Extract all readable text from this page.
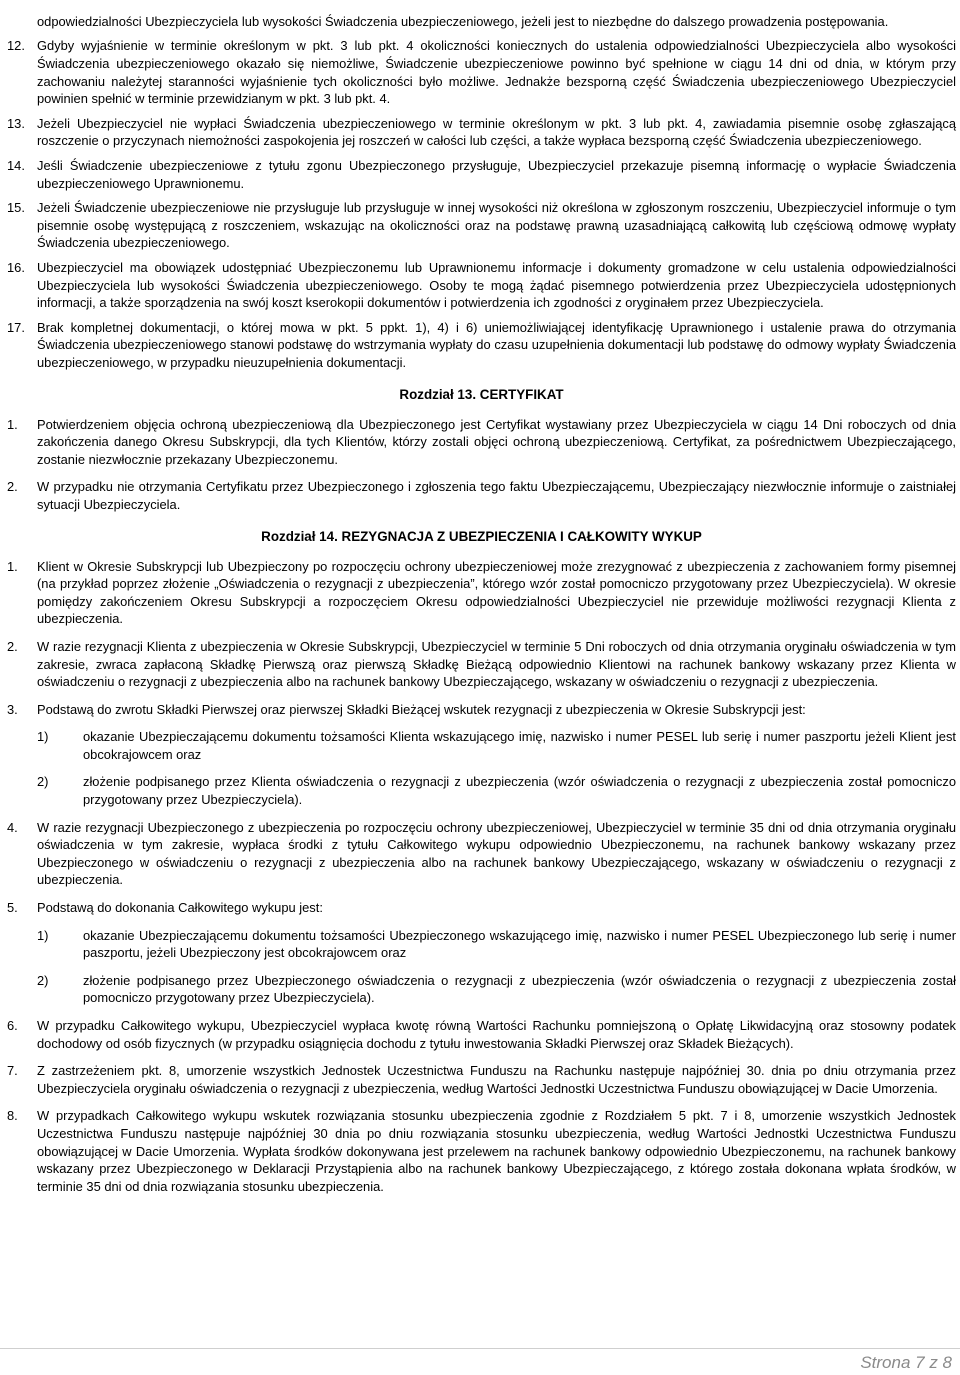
odpowiedzialności Ubezpieczyciela lub wysokości Świadczenia ubezpieczeniowego, jeżeli jest to niezbędne do dalszego prowadzenia postępowania.

12. Gdyby wyjaśnienie w terminie określonym w pkt. 3 lub pkt. 4 okoliczności koniecznych do ustalenia odpowiedzialności Ubezpieczyciela albo wysokości Świadczenia ubezpieczeniowego okazało się niemożliwe, Świadczenie ubezpieczeniowe powinno być spełnione w ciągu 14 dni od dnia, w którym przy zachowaniu należytej staranności wyjaśnienie tych okoliczności było możliwe. Jednakże bezsporną część Świadczenia ubezpieczeniowego Ubezpieczyciel powinien spełnić w terminie przewidzianym w pkt. 3 lub pkt. 4.
13. Jeżeli Ubezpieczyciel nie wypłaci Świadczenia ubezpieczeniowego w terminie określonym w pkt. 3 lub pkt. 4, zawiadamia pisemnie osobę zgłaszającą roszczenie o przyczynach niemożności zaspokojenia jej roszczeń w całości lub części, a także wypłaca bezsporną część Świadczenia ubezpieczeniowego.
14. Jeśli Świadczenie ubezpieczeniowe z tytułu zgonu Ubezpieczonego przysługuje, Ubezpieczyciel przekazuje pisemną informację o wypłacie Świadczenia ubezpieczeniowego Uprawnionemu.
15. Jeżeli Świadczenie ubezpieczeniowe nie przysługuje lub przysługuje w innej wysokości niż określona w zgłoszonym roszczeniu, Ubezpieczyciel informuje o tym pisemnie osobę występującą z roszczeniem, wskazując na okoliczności oraz na podstawę prawną uzasadniającą całkowitą lub częściową odmowę wypłaty Świadczenia ubezpieczeniowego.
16. Ubezpieczyciel ma obowiązek udostępniać Ubezpieczonemu lub Uprawnionemu informacje i dokumenty gromadzone w celu ustalenia odpowiedzialności Ubezpieczyciela lub wysokości Świadczenia ubezpieczeniowego. Osoby te mogą żądać pisemnego potwierdzenia przez Ubezpieczyciela udostępnionych informacji, a także sporządzenia na swój koszt kserokopii dokumentów i potwierdzenia ich zgodności z oryginałem przez Ubezpieczyciela.
17. Brak kompletnej dokumentacji, o której mowa w pkt. 5 ppkt. 1), 4) i 6) uniemożliwiającej identyfikację Uprawnionego i ustalenie prawa do otrzymania Świadczenia ubezpieczeniowego stanowi podstawę do wstrzymania wypłaty do czasu uzupełnienia dokumentacji lub podstawę do odmowy wypłaty Świadczenia ubezpieczeniowego, w przypadku nieuzupełnienia dokumentacji.
Rozdział 13. CERTYFIKAT
1. Potwierdzeniem objęcia ochroną ubezpieczeniową dla Ubezpieczonego jest Certyfikat wystawiany przez Ubezpieczyciela w ciągu 14 Dni roboczych od dnia zakończenia danego Okresu Subskrypcji, dla tych Klientów, którzy zostali objęci ochroną ubezpieczeniową. Certyfikat, za pośrednictwem Ubezpieczającego, zostanie niezwłocznie przekazany Ubezpieczonemu.
2. W przypadku nie otrzymania Certyfikatu przez Ubezpieczonego i zgłoszenia tego faktu Ubezpieczającemu, Ubezpieczający niezwłocznie informuje o zaistniałej sytuacji Ubezpieczyciela.
Rozdział 14. REZYGNACJA Z UBEZPIECZENIA I CAŁKOWITY WYKUP
1. Klient w Okresie Subskrypcji lub Ubezpieczony po rozpoczęciu ochrony ubezpieczeniowej może zrezygnować z ubezpieczenia z zachowaniem formy pisemnej (na przykład poprzez złożenie „Oświadczenia o rezygnacji z ubezpieczenia”, którego wzór został pomocniczo przygotowany przez Ubezpieczyciela). W okresie pomiędzy zakończeniem Okresu Subskrypcji a rozpoczęciem Okresu odpowiedzialności Ubezpieczyciel nie przewiduje możliwości rezygnacji Klienta z ubezpieczenia.
2. W razie rezygnacji Klienta z ubezpieczenia w Okresie Subskrypcji, Ubezpieczyciel w terminie 5 Dni roboczych od dnia otrzymania oryginału oświadczenia w tym zakresie, zwraca zapłaconą Składkę Pierwszą oraz pierwszą Składkę Bieżącą odpowiednio Klientowi na rachunek bankowy wskazany przez Klienta w oświadczeniu o rezygnacji z ubezpieczenia albo na rachunek bankowy Ubezpieczającego, wskazany w oświadczeniu o rezygnacji z ubezpieczenia.
3. Podstawą do zwrotu Składki Pierwszej oraz pierwszej Składki Bieżącej wskutek rezygnacji z ubezpieczenia w Okresie Subskrypcji jest:
1)	okazanie Ubezpieczającemu dokumentu tożsamości Klienta wskazującego imię, nazwisko i numer PESEL lub serię i numer paszportu jeżeli Klient jest obcokrajowcem oraz
2)	złożenie podpisanego przez Klienta oświadczenia o rezygnacji z ubezpieczenia (wzór oświadczenia o rezygnacji z ubezpieczenia został pomocniczo przygotowany przez Ubezpieczyciela).
4. W razie rezygnacji Ubezpieczonego z ubezpieczenia po rozpoczęciu ochrony ubezpieczeniowej, Ubezpieczyciel w terminie 35 dni od dnia otrzymania oryginału oświadczenia w tym zakresie, wypłaca środki z tytułu Całkowitego wykupu odpowiednio Ubezpieczonemu, na rachunek bankowy wskazany przez Ubezpieczonego w oświadczeniu o rezygnacji z ubezpieczenia albo na rachunek bankowy Ubezpieczającego, wskazany w oświadczeniu o rezygnacji z ubezpieczenia.
5. Podstawą do dokonania Całkowitego wykupu jest:
1)	okazanie Ubezpieczającemu dokumentu tożsamości Ubezpieczonego wskazującego imię, nazwisko i numer PESEL Ubezpieczonego lub serię i numer paszportu, jeżeli Ubezpieczony jest obcokrajowcem oraz
2)	złożenie podpisanego przez Ubezpieczonego oświadczenia o rezygnacji z ubezpieczenia (wzór oświadczenia o rezygnacji z ubezpieczenia został pomocniczo przygotowany przez Ubezpieczyciela).
6. W przypadku Całkowitego wykupu, Ubezpieczyciel wypłaca kwotę równą Wartości Rachunku pomniejszoną o Opłatę Likwidacyjną oraz stosowny podatek dochodowy od osób fizycznych (w przypadku osiągnięcia dochodu z tytułu inwestowania Składki Pierwszej oraz Składek Bieżących).
7. Z zastrzeżeniem pkt. 8, umorzenie wszystkich Jednostek Uczestnictwa Funduszu na Rachunku następuje najpóźniej 30. dnia po dniu otrzymania przez Ubezpieczyciela oryginału oświadczenia o rezygnacji z ubezpieczenia, według Wartości Jednostki Uczestnictwa Funduszu obowiązującej w Dacie Umorzenia.
8. W przypadkach Całkowitego wykupu wskutek rozwiązania stosunku ubezpieczenia zgodnie z Rozdziałem 5 pkt. 7 i 8, umorzenie wszystkich Jednostek Uczestnictwa Funduszu następuje najpóźniej 30 dnia po dniu rozwiązania stosunku ubezpieczenia, według Wartości Jednostki Uczestnictwa Funduszu obowiązującej w Dacie Umorzenia. Wypłata środków dokonywana jest przelewem na rachunek bankowy odpowiednio Ubezpieczonemu, na rachunek bankowy wskazany przez Ubezpieczonego w Deklaracji Przystąpienia albo na rachunek bankowy Ubezpieczającego, z którego została dokonana wpłata środków, w terminie 35 dni od dnia rozwiązania stosunku ubezpieczenia.
Strona 7 z 8
